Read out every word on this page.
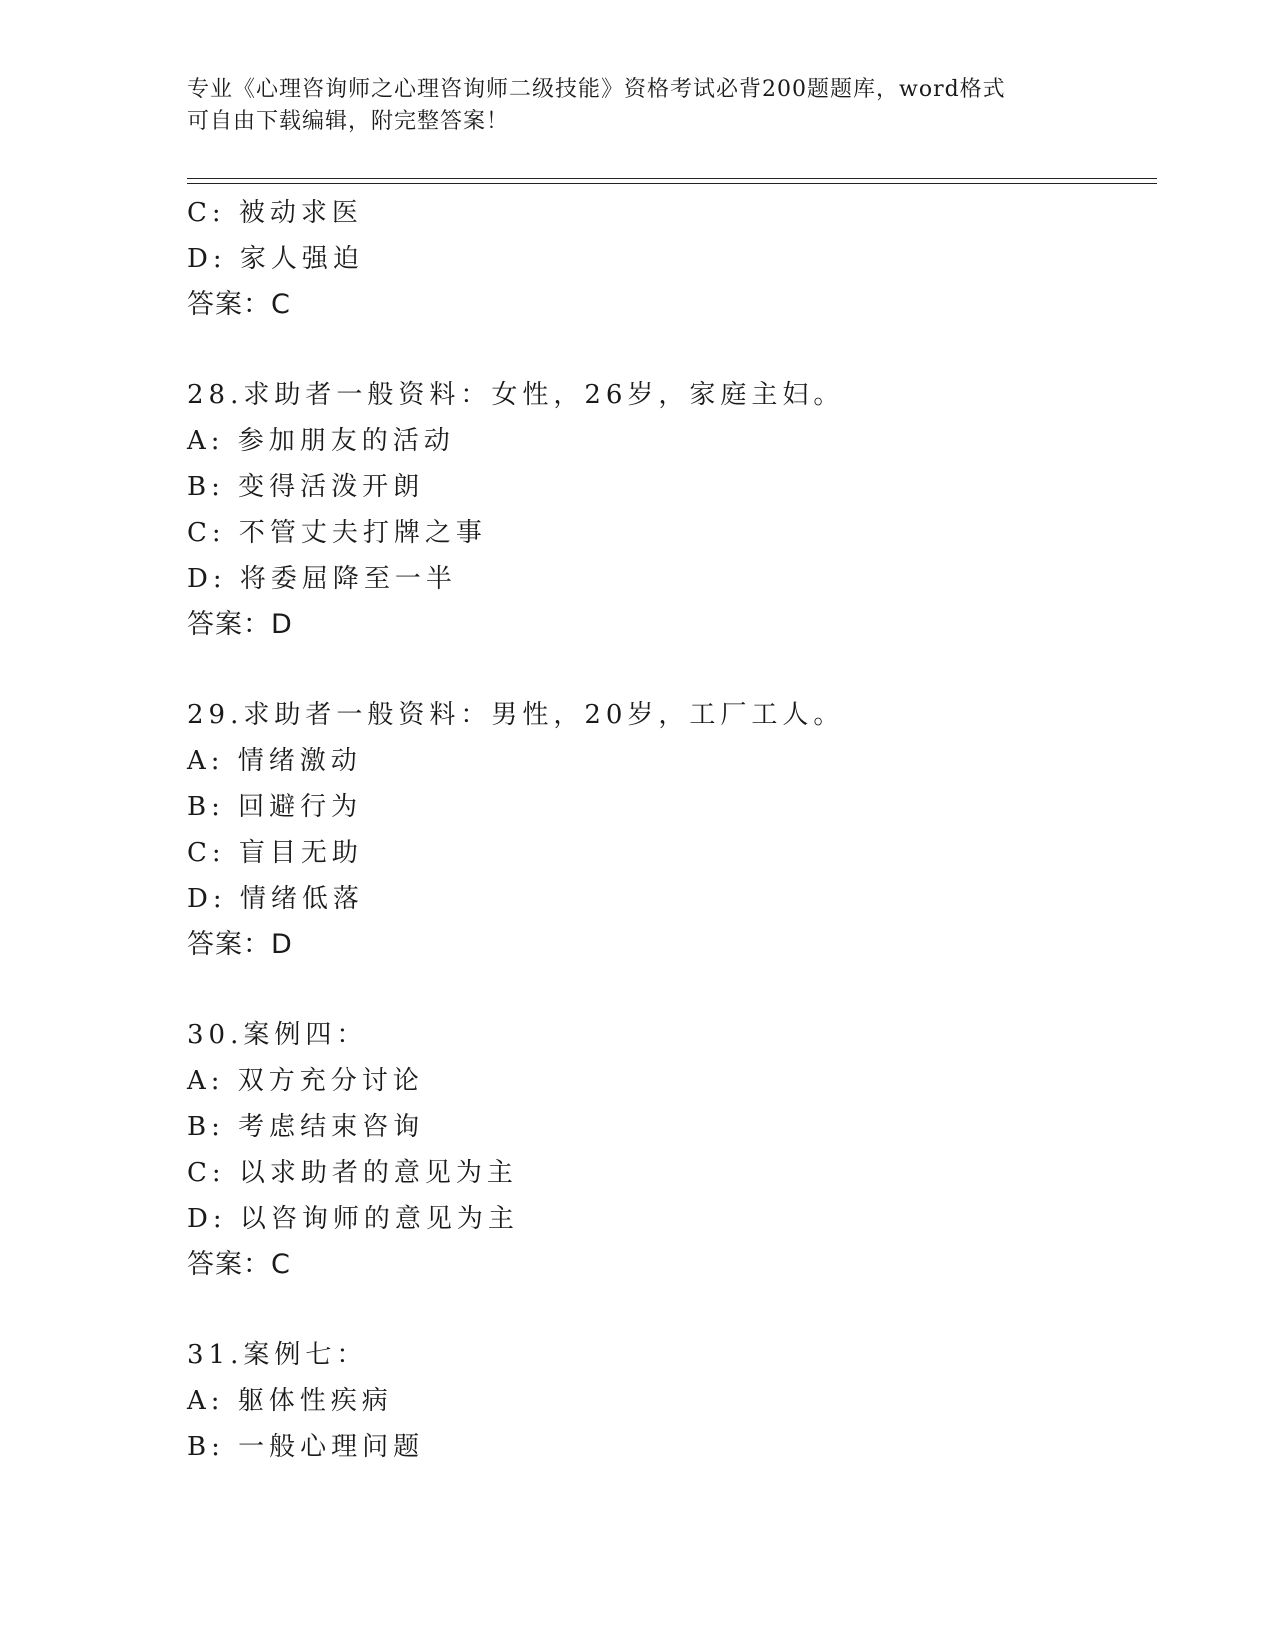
专业《心理咨询师之心理咨询师二级技能》资格考试必背200题题库，word格式
可自由下载编辑，附完整答案！
C: 被动求医
D: 家人强迫
答案：C
28.求助者一般资料：女性，26岁，家庭主妇。
A: 参加朋友的活动
B: 变得活泼开朗
C: 不管丈夫打牌之事
D: 将委屈降至一半
答案：D
29.求助者一般资料：男性，20岁，工厂工人。
A: 情绪激动
B: 回避行为
C: 盲目无助
D: 情绪低落
答案：D
30.案例四：
A: 双方充分讨论
B: 考虑结束咨询
C: 以求助者的意见为主
D: 以咨询师的意见为主
答案：C
31.案例七：
A: 躯体性疾病
B: 一般心理问题
